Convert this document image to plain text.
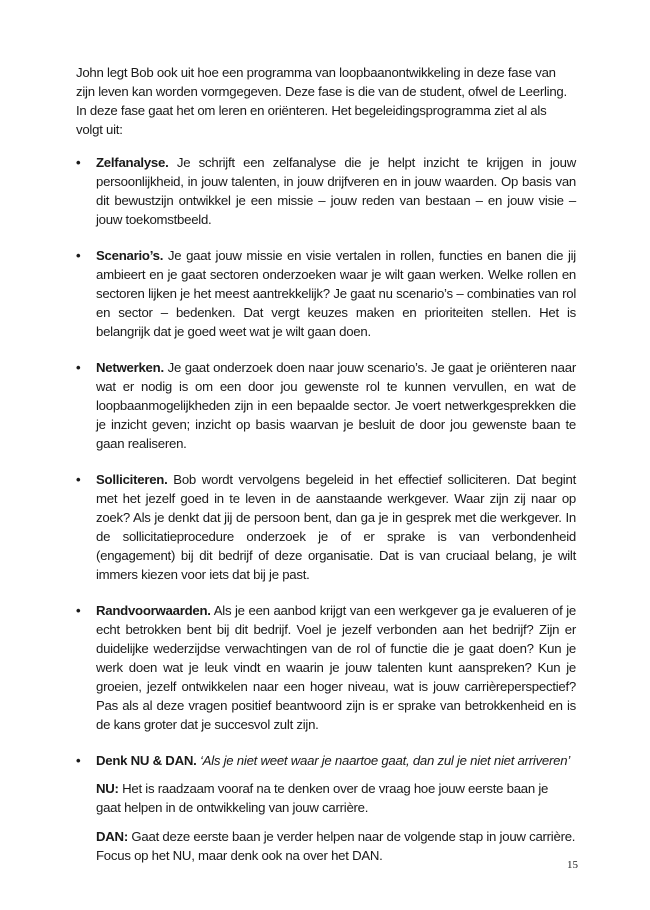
John legt Bob ook uit hoe een programma van loopbaanontwikkeling in deze fase van zijn leven kan worden vormgegeven. Deze fase is die van de student, ofwel de Leerling. In deze fase gaat het om leren en oriënteren. Het begeleidingsprogramma ziet al als volgt uit:

• Zelfanalyse. Je schrijft een zelfanalyse die je helpt inzicht te krijgen in jouw persoonlijkheid, in jouw talenten, in jouw drijfveren en in jouw waarden. Op basis van dit bewustzijn ontwikkel je een missie – jouw reden van bestaan – en jouw visie – jouw toekomstbeeld.
• Scenario’s. Je gaat jouw missie en visie vertalen in rollen, functies en banen die jij ambieert en je gaat sectoren onderzoeken waar je wilt gaan werken. Welke rollen en sectoren lijken je het meest aantrekkelijk? Je gaat nu scenario’s – combinaties van rol en sector – bedenken. Dat vergt keuzes maken en prioriteiten stellen. Het is belangrijk dat je goed weet wat je wilt gaan doen.
• Netwerken. Je gaat onderzoek doen naar jouw scenario’s. Je gaat je oriënteren naar wat er nodig is om een door jou gewenste rol te kunnen vervullen, en wat de loopbaanmogelijkheden zijn in een bepaalde sector. Je voert netwerkgesprekken die je inzicht geven; inzicht op basis waarvan je besluit de door jou gewenste baan te gaan realiseren.
• Solliciteren. Bob wordt vervolgens begeleid in het effectief solliciteren. Dat begint met het jezelf goed in te leven in de aanstaande werkgever. Waar zijn zij naar op zoek? Als je denkt dat jij de persoon bent, dan ga je in gesprek met die werkgever. In de sollicitatieprocedure onderzoek je of er sprake is van verbondenheid (engagement) bij dit bedrijf of deze organisatie. Dat is van cruciaal belang, je wilt immers kiezen voor iets dat bij je past.
• Randvoorwaarden. Als je een aanbod krijgt van een werkgever ga je evalueren of je echt betrokken bent bij dit bedrijf. Voel je jezelf verbonden aan het bedrijf? Zijn er duidelijke wederzijdse verwachtingen van de rol of functie die je gaat doen? Kun je werk doen wat je leuk vindt en waarin je jouw talenten kunt aanspreken? Kun je groeien, jezelf ontwikkelen naar een hoger niveau, wat is jouw carrièreperspectief? Pas als al deze vragen positief beantwoord zijn is er sprake van betrokkenheid en is de kans groter dat je succesvol zult zijn.
• Denk NU & DAN. ‘Als je niet weet waar je naartoe gaat, dan zul je niet niet arriveren’

NU: Het is raadzaam vooraf na te denken over de vraag hoe jouw eerste baan je gaat helpen in de ontwikkeling van jouw carrière.

DAN: Gaat deze eerste baan je verder helpen naar de volgende stap in jouw carrière. Focus op het NU, maar denk ook na over het DAN.

15
